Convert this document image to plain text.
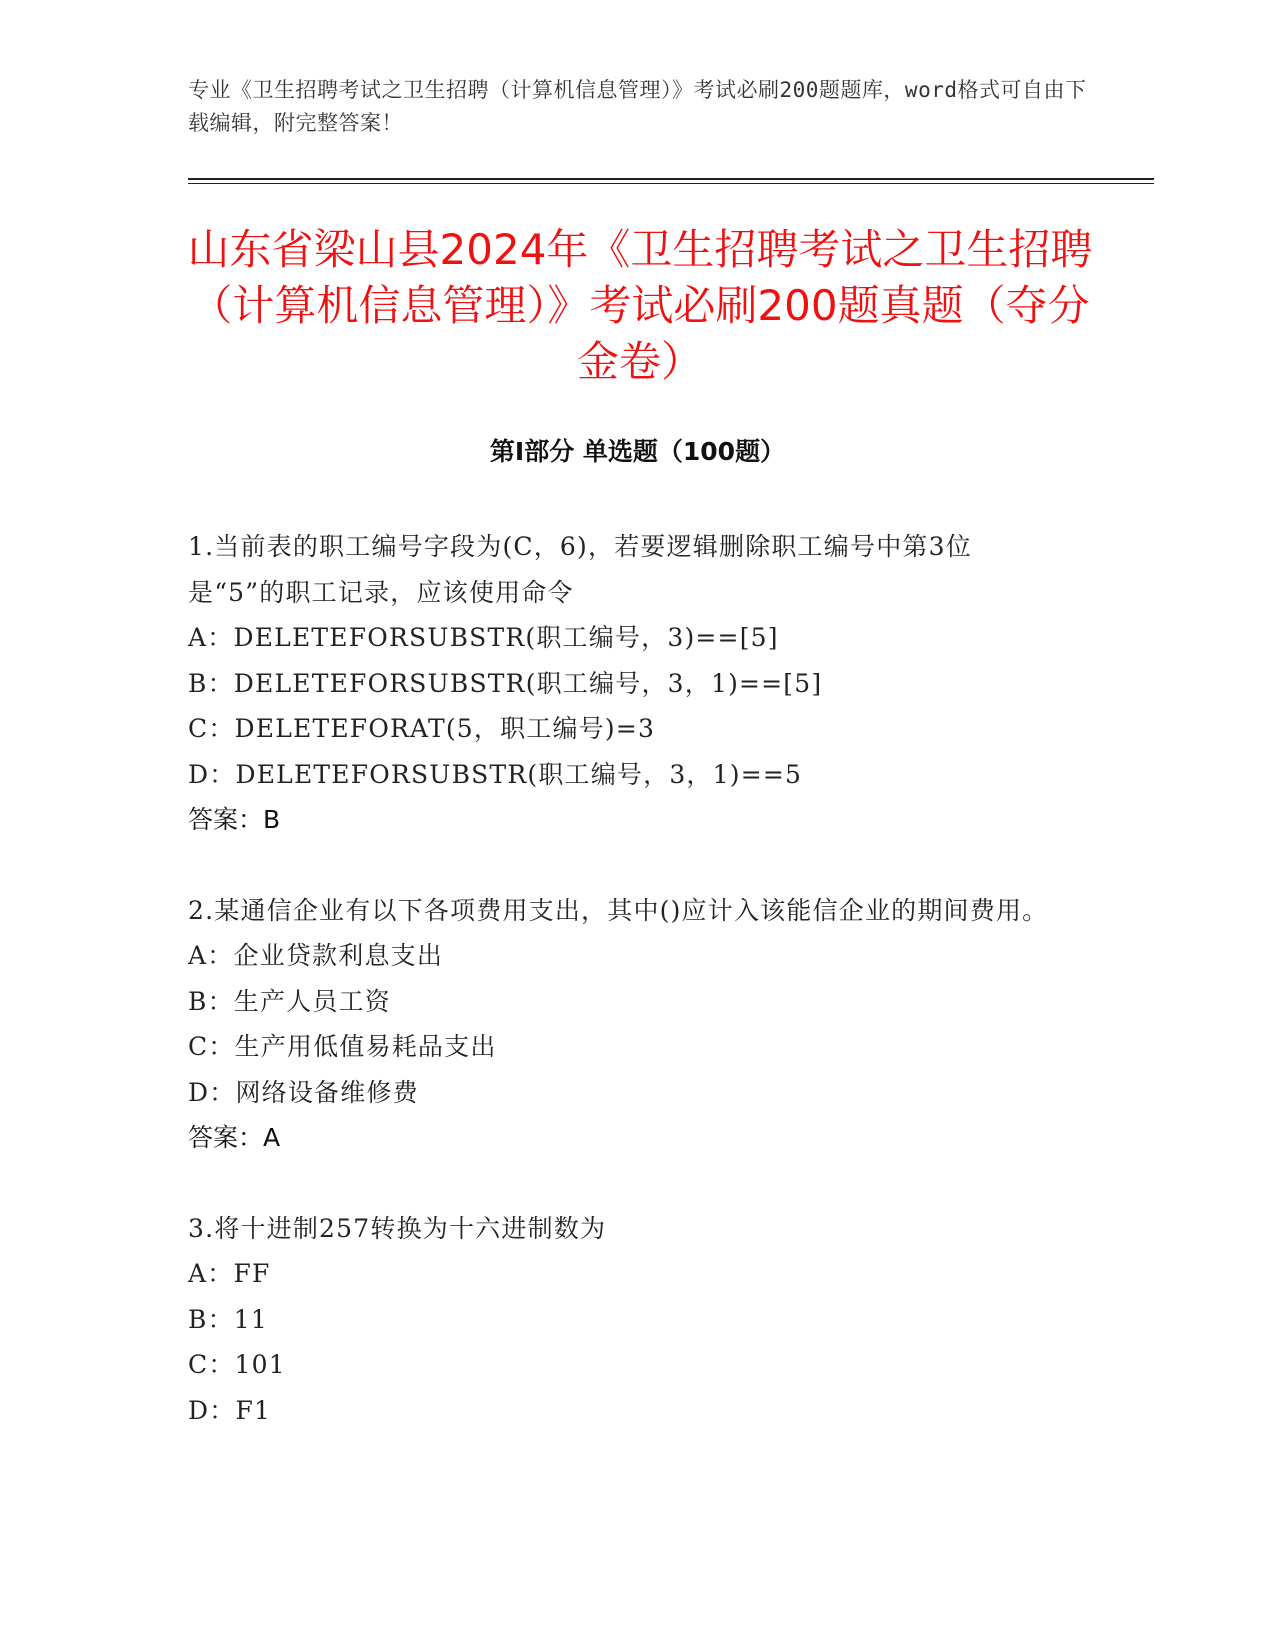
专业《卫生招聘考试之卫生招聘（计算机信息管理）》考试必刷200题题库，word格式可自由下载编辑，附完整答案！
山东省梁山县2024年《卫生招聘考试之卫生招聘（计算机信息管理）》考试必刷200题真题（夺分金卷）
第I部分 单选题（100题）
1.当前表的职工编号字段为(C，6)，若要逻辑删除职工编号中第3位是“5”的职工记录，应该使用命令
A：DELETEFORSUBSTR(职工编号，3)==[5]
B：DELETEFORSUBSTR(职工编号，3，1)==[5]
C：DELETEFORAT(5，职工编号)=3
D：DELETEFORSUBSTR(职工编号，3，1)==5
答案：B
2.某通信企业有以下各项费用支出，其中()应计入该能信企业的期间费用。
A：企业贷款利息支出
B：生产人员工资
C：生产用低值易耗品支出
D：网络设备维修费
答案：A
3.将十进制257转换为十六进制数为
A：FF
B：11
C：101
D：F1
